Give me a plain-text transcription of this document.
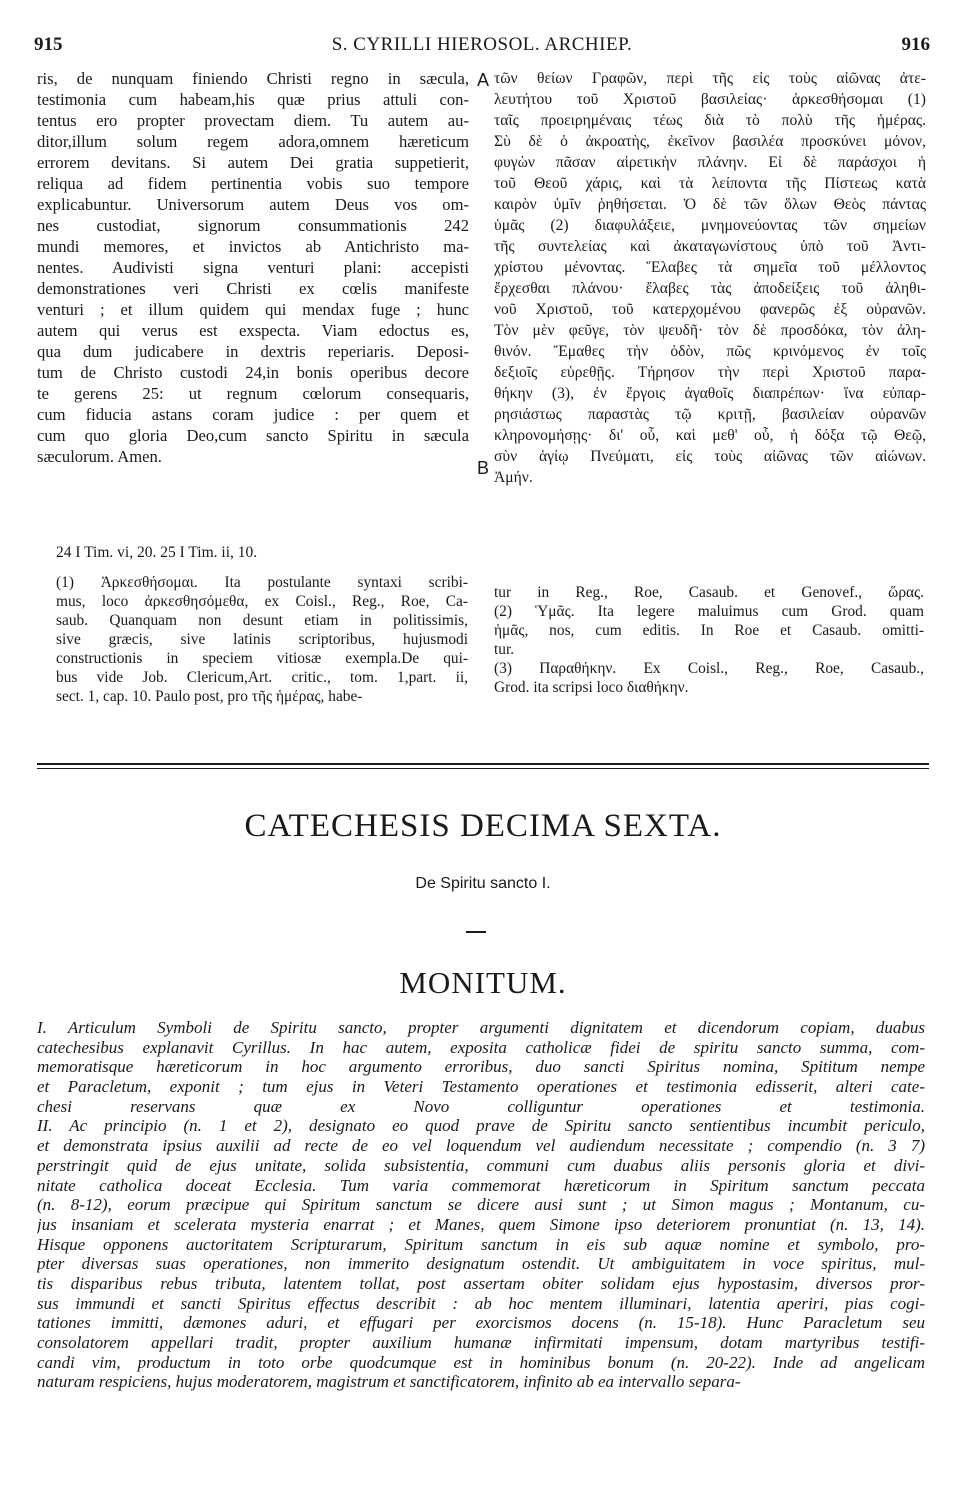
915	S. CYRILLI HIEROSOL. ARCHIEP.	916
ris, de nunquam finiendo Christi regno in sæcula,
testimonia cum habeam,his quæ prius attuli con-
tentus ero propter provectam diem. Tu autem au-
ditor,illum solum regem adora,omnem hæreticum
errorem devitans. Si autem Dei gratia suppetierit,
reliqua ad fidem pertinentia vobis suo tempore
explicabuntur. Universorum autem Deus vos om-
nes custodiat, signorum consummationis 242
mundi memores, et invictos ab Antichristo ma-
nentes. Audivisti signa venturi plani: accepisti
demonstrationes veri Christi ex cœlis manifeste
venturi ; et illum quidem qui mendax fuge ; hunc
autem qui verus est exspecta. Viam edoctus es,
qua dum judicabere in dextris reperiaris. Deposi-
tum de Christo custodi 24,in bonis operibus decore
te gerens 25: ut regnum cœlorum consequaris,
cum fiducia astans coram judice : per quem et
cum quo gloria Deo,cum sancto Spiritu in sæcula
sæculorum. Amen.
A
B
τῶν θείων Γραφῶν, περὶ τῆς εἰς τοὺς αἰῶνας ἀτε-
λευτήτου τοῦ Χριστοῦ βασιλείας· ἀρκεσθήσομαι (1)
ταῖς προειρημέναις τέως διὰ τὸ πολὺ τῆς ἡμέρας.
Σὺ δὲ ὁ ἀκροατὴς, ἐκεῖνον βασιλέα προσκύνει μόνον,
φυγὼν πᾶσαν αἱρετικὴν πλάνην. Εἰ δὲ παράσχοι ἡ
τοῦ Θεοῦ χάρις, καὶ τὰ λείποντα τῆς Πίστεως κατὰ
καιρὸν ὑμῖν ῥηθήσεται. Ὁ δὲ τῶν ὅλων Θεὸς πάντας
ὑμᾶς (2) διαφυλάξειε, μνημονεύοντας τῶν σημείων
τῆς συντελείας καὶ ἀκαταγωνίστους ὑπὸ τοῦ Ἀντι-
χρίστου μένοντας. Ἔλαβες τὰ σημεῖα τοῦ μέλλοντος
ἔρχεσθαι πλάνου· ἔλαβες τὰς ἀποδείξεις τοῦ ἀληθι-
νοῦ Χριστοῦ, τοῦ κατερχομένου φανερῶς ἐξ οὐρανῶν.
Τὸν μὲν φεῦγε, τὸν ψευδῆ· τὸν δὲ προσδόκα, τὸν ἀλη-
θινόν. Ἔμαθες τὴν ὁδὸν, πῶς κρινόμενος ἐν τοῖς
δεξιοῖς εὑρεθῇς. Τήρησον τὴν περὶ Χριστοῦ παρα-
θήκην (3), ἐν ἔργοις ἀγαθοῖς διαπρέπων· ἵνα εὐπαρ-
ρησιάστως παραστὰς τῷ κριτῇ, βασιλείαν οὐρανῶν
κληρονομήσῃς· δι' οὗ, καὶ μεθ' οὗ, ἡ δόξα τῷ Θεῷ,
σὺν ἁγίῳ Πνεύματι, εἰς τοὺς αἰῶνας τῶν αἰώνων.
Ἀμήν.
24 I Tim. vi, 20. 25 I Tim. ii, 10.
(1) Ἀρκεσθήσομαι. Ita postulante syntaxi scribi-
mus, loco ἀρκεσθησόμεθα, ex Coisl., Reg., Roe, Ca-
saub. Quanquam non desunt etiam in politissimis,
sive græcis, sive latinis scriptoribus, hujusmodi
constructionis in speciem vitiosæ exempla.De qui-
bus vide Job. Clericum,Art. critic., tom. 1,part. ii,
sect. 1, cap. 10. Paulo post, pro τῆς ἡμέρας, habe-
tur in Reg., Roe, Casaub. et Genovef., ὥρας.
(2) Ὑμᾶς. Ita legere maluimus cum Grod. quam
ἡμᾶς, nos, cum editis. In Roe et Casaub. omitti-
tur.
(3) Παραθήκην. Ex Coisl., Reg., Roe, Casaub.,
Grod. ita scripsi loco διαθήκην.
CATECHESIS DECIMA SEXTA.
De Spiritu sancto I.
MONITUM.
I. Articulum Symboli de Spiritu sancto, propter argumenti dignitatem et dicendorum copiam, duabus
catechesibus explanavit Cyrillus. In hac autem, exposita catholicæ fidei de spiritu sancto summa, com-
memoratisque hæreticorum in hoc argumento erroribus, duo sancti Spiritus nomina, Spititum nempe
et Paracletum, exponit ; tum ejus in Veteri Testamento operationes et testimonia edisserit, alteri cate-
chesi reservans quæ ex Novo colliguntur operationes et testimonia.
II. Ac principio (n. 1 et 2), designato eo quod prave de Spiritu sancto sentientibus incumbit periculo,
et demonstrata ipsius auxilii ad recte de eo vel loquendum vel audiendum necessitate ; compendio (n. 3 7)
perstringit quid de ejus unitate, solida subsistentia, communi cum duabus aliis personis gloria et divi-
nitate catholica doceat Ecclesia. Tum varia commemorat hæreticorum in Spiritum sanctum peccata
(n. 8-12), eorum præcipue qui Spiritum sanctum se dicere ausi sunt ; ut Simon magus ; Montanum, cu-
jus insaniam et scelerata mysteria enarrat ; et Manes, quem Simone ipso deteriorem pronuntiat (n. 13, 14).
Hisque opponens auctoritatem Scripturarum, Spiritum sanctum in eis sub aquæ nomine et symbolo, pro-
pter diversas suas operationes, non immerito designatum ostendit. Ut ambiguitatem in voce spiritus, mul-
tis disparibus rebus tributa, latentem tollat, post assertam obiter solidam ejus hypostasim, diversos pror-
sus immundi et sancti Spiritus effectus describit : ab hoc mentem illuminari, latentia aperiri, pias cogi-
tationes immitti, dæmones aduri, et effugari per exorcismos docens (n. 15-18). Hunc Paracletum seu
consolatorem appellari tradit, propter auxilium humanæ infirmitati impensum, dotam martyribus testifi-
candi vim, productum in toto orbe quodcumque est in hominibus bonum (n. 20-22). Inde ad angelicam
naturam respiciens, hujus moderatorem, magistrum et sanctificatorem, infinito ab ea intervallo separa-
